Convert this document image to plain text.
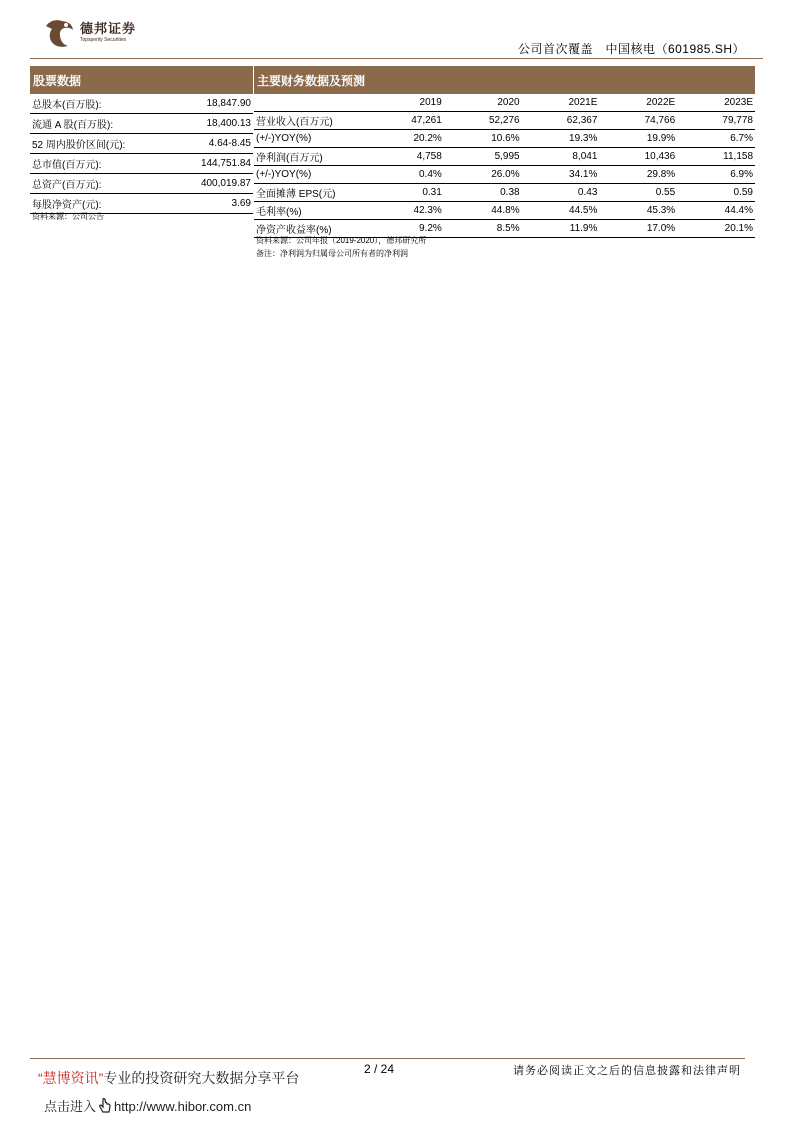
德邦证券
Topsperity Securities
公司首次覆盖　中国核电（601985.SH）
股票数据	
总股本(百万股):	18,847.90
流通 A 股(百万股):	18,400.13
52 周内股价区间(元):	4.64-8.45
总市值(百万元):	144,751.84
总资产(百万元):	400,019.87
每股净资产(元):	3.69
资料来源：公司公告
主要财务数据及预测					
	2019	2020	2021E	2022E	2023E
营业收入(百万元)	47,261	52,276	62,367	74,766	79,778
(+/-)YOY(%)	20.2%	10.6%	19.3%	19.9%	6.7%
净利润(百万元)	4,758	5,995	8,041	10,436	11,158
(+/-)YOY(%)	0.4%	26.0%	34.1%	29.8%	6.9%
全面摊薄 EPS(元)	0.31	0.38	0.43	0.55	0.59
毛利率(%)	42.3%	44.8%	44.5%	45.3%	44.4%
净资产收益率(%)	9.2%	8.5%	11.9%	17.0%	20.1%
资料来源：公司年报（2019-2020），德邦研究所
备注：净利润为归属母公司所有者的净利润
2 / 24	请务必阅读正文之后的信息披露和法律声明
“慧博资讯”专业的投资研究大数据分享平台
点击进入 http://www.hibor.com.cn
